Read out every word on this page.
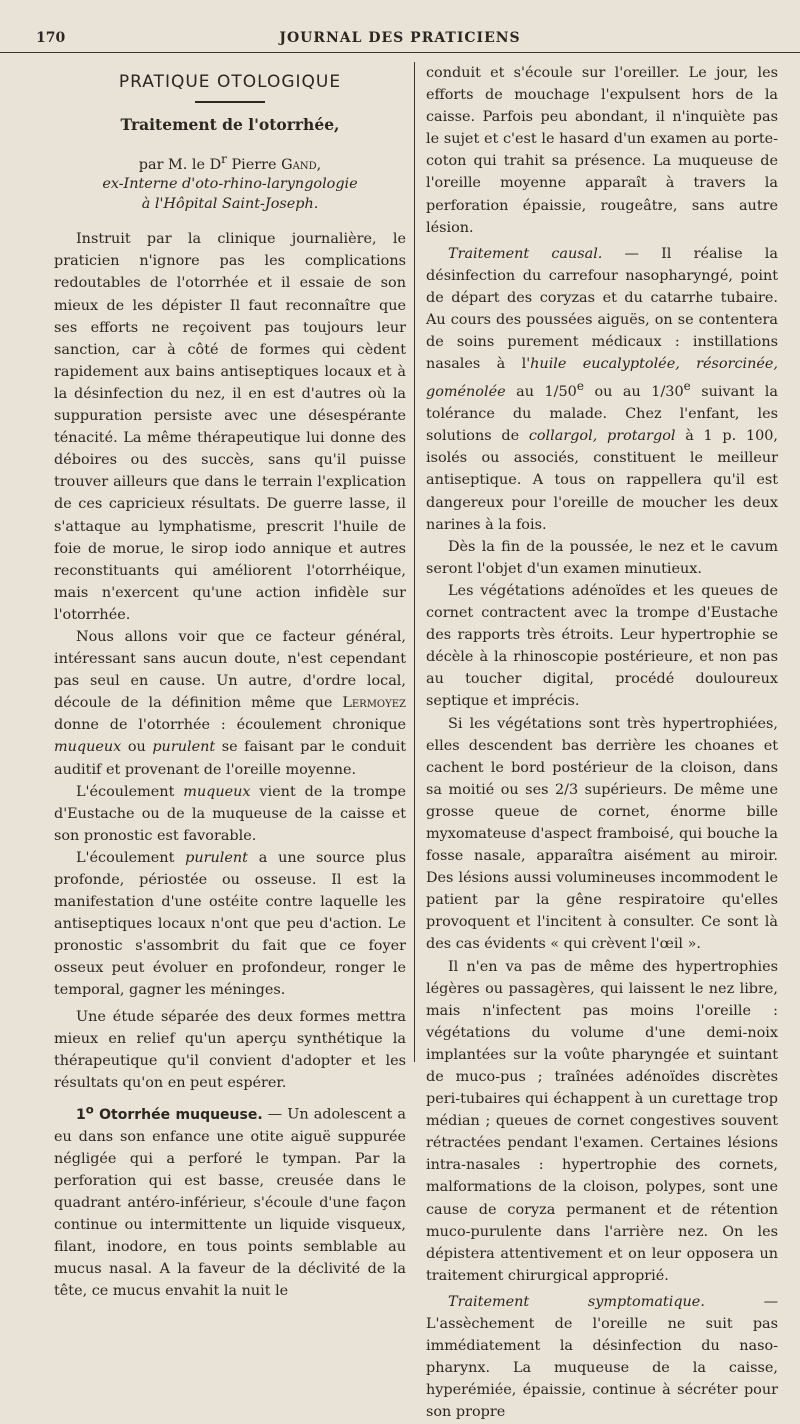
170	JOURNAL DES PRATICIENS
PRATIQUE OTOLOGIQUE
Traitement de l'otorrhée,
par M. le $D^r$ Pierre Gand,
ex-Interne d'oto-rhino-laryngologie
à l'Hôpital Saint-Joseph.

Instruit par la clinique journalière, le praticien n'ignore pas les complications redoutables de l'otorrhée et il essaie de son mieux de les dépister Il faut reconnaître que ses efforts ne reçoivent pas toujours leur sanction, car à côté de formes qui cèdent rapidement aux bains antiseptiques locaux et à la désinfection du nez, il en est d'autres où la suppuration persiste avec une désespérante ténacité. La même thérapeutique lui donne des déboires ou des succès, sans qu'il puisse trouver ailleurs que dans le terrain l'explication de ces capricieux résultats. De guerre lasse, il s'attaque au lymphatisme, prescrit l'huile de foie de morue, le sirop iodo annique et autres reconstituants qui améliorent l'otorrhéique, mais n'exercent qu'une action infidèle sur l'otorrhée.

Nous allons voir que ce facteur général, intéressant sans aucun doute, n'est cependant pas seul en cause. Un autre, d'ordre local, découle de la définition même que Lermoyez donne de l'otorrhée : écoulement chronique muqueux ou purulent se faisant par le conduit auditif et provenant de l'oreille moyenne.

L'écoulement muqueux vient de la trompe d'Eustache ou de la muqueuse de la caisse et son pronostic est favorable.

L'écoulement purulent a une source plus profonde, périostée ou osseuse. Il est la manifestation d'une ostéite contre laquelle les antiseptiques locaux n'ont que peu d'action. Le pronostic s'assombrit du fait que ce foyer osseux peut évoluer en profondeur, ronger le temporal, gagner les méninges.

Une étude séparée des deux formes mettra mieux en relief qu'un aperçu synthétique la thérapeutique qu'il convient d'adopter et les résultats qu'on en peut espérer.

1$^o$ Otorrhée muqueuse. — Un adolescent a eu dans son enfance une otite aiguë suppurée négligée qui a perforé le tympan. Par la perforation qui est basse, creusée dans le quadrant antéro-inférieur, s'écoule d'une façon continue ou intermittente un liquide visqueux, filant, inodore, en tous points semblable au mucus nasal. A la faveur de la déclivité de la tête, ce mucus envahit la nuit le

conduit et s'écoule sur l'oreiller. Le jour, les efforts de mouchage l'expulsent hors de la caisse. Parfois peu abondant, il n'inquiète pas le sujet et c'est le hasard d'un examen au porte-coton qui trahit sa présence. La muqueuse de l'oreille moyenne apparaît à travers la perforation épaissie, rougeâtre, sans autre lésion.

Traitement causal. — Il réalise la désinfection du carrefour nasopharyngé, point de départ des coryzas et du catarrhe tubaire. Au cours des poussées aiguës, on se contentera de soins purement médicaux : instillations nasales à l'huile eucalyptolée, résorcinée, goménolée au 1/50e ou au 1/30e suivant la tolérance du malade. Chez l'enfant, les solutions de collargol, protargol à 1 p. 100, isolés ou associés, constituent le meilleur antiseptique. A tous on rappellera qu'il est dangereux pour l'oreille de moucher les deux narines à la fois.

Dès la fin de la poussée, le nez et le cavum seront l'objet d'un examen minutieux.

Les végétations adénoïdes et les queues de cornet contractent avec la trompe d'Eustache des rapports très étroits. Leur hypertrophie se décèle à la rhinoscopie postérieure, et non pas au toucher digital, procédé douloureux septique et imprécis.

Si les végétations sont très hypertrophiées, elles descendent bas derrière les choanes et cachent le bord postérieur de la cloison, dans sa moitié ou ses 2/3 supérieurs. De même une grosse queue de cornet, énorme bille myxomateuse d'aspect framboisé, qui bouche la fosse nasale, apparaîtra aisément au miroir. Des lésions aussi volumineuses incommodent le patient par la gêne respiratoire qu'elles provoquent et l'incitent à consulter. Ce sont là des cas évidents « qui crèvent l'œil ».

Il n'en va pas de même des hypertrophies légères ou passagères, qui laissent le nez libre, mais n'infectent pas moins l'oreille : végétations du volume d'une demi-noix implantées sur la voûte pharyngée et suintant de muco-pus ; traînées adénoïdes discrètes peri-tubaires qui échappent à un curettage trop médian ; queues de cornet congestives souvent rétractées pendant l'examen. Certaines lésions intra-nasales : hypertrophie des cornets, malformations de la cloison, polypes, sont une cause de coryza permanent et de rétention muco-purulente dans l'arrière nez. On les dépistera attentivement et on leur opposera un traitement chirurgical approprié.

Traitement symptomatique. — L'assèchement de l'oreille ne suit pas immédiatement la désinfection du naso-pharynx. La muqueuse de la caisse, hyperémiée, épaissie, continue à sécréter pour son propre
